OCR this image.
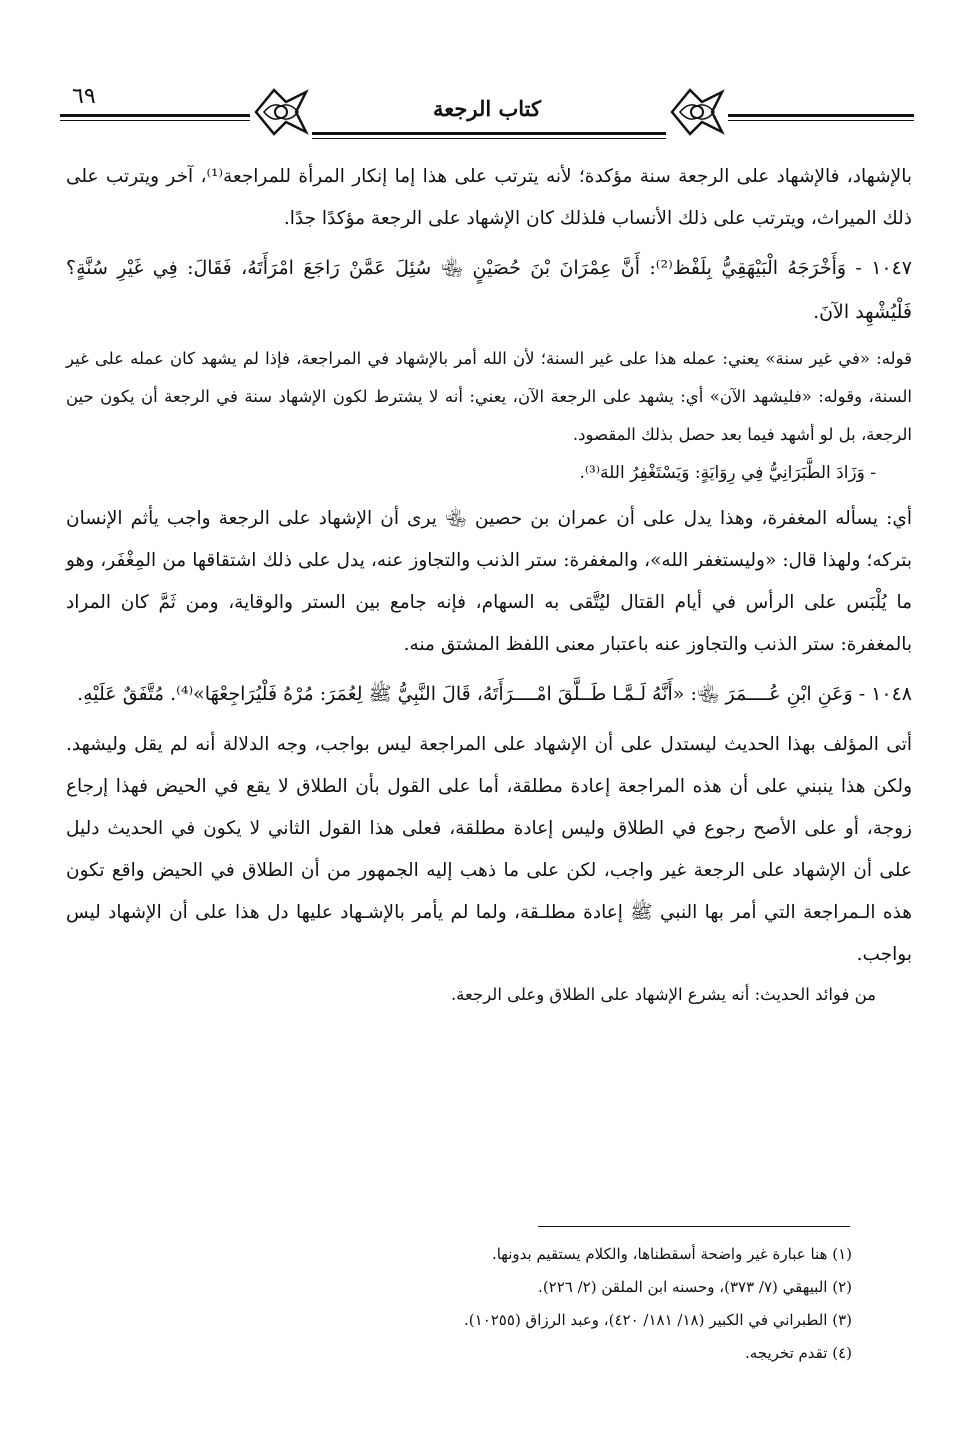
٦٩	كتاب الرجعة

بالإشهاد، فالإشهاد على الرجعة سنة مؤكدة؛ لأنه يترتب على هذا إما إنكار المرأة للمراجعة⁽¹⁾، آخر ويترتب على ذلك الميراث، ويترتب على ذلك الأنساب فلذلك كان الإشهاد على الرجعة مؤكدًا جدًا.

١٠٤٧ - وَأَخْرَجَهُ الْبَيْهَقِيُّ بِلَفْظ⁽²⁾: أَنَّ عِمْرَانَ بْنَ حُصَيْنٍ ﵄ سُئِلَ عَمَّنْ رَاجَعَ امْرَأَتَهُ، فَقَالَ: فِي غَيْرِ سُنَّةٍ؟ فَلْيُشْهِد الآنَ.

قوله: «في غير سنة» يعني: عمله هذا على غير السنة؛ لأن الله أمر بالإشهاد في المراجعة، فإذا لم يشهد كان عمله على غير السنة، وقوله: «فليشهد الآن» أي: يشهد على الرجعة الآن، يعني: أنه لا يشترط لكون الإشهاد سنة في الرجعة أن يكون حين الرجعة، بل لو أشهد فيما بعد حصل بذلك المقصود.

- وَزَادَ الطَّبَرَانِيُّ فِي رِوَايَةٍ: وَيَسْتَغْفِرُ اللهَ⁽³⁾.

أي: يسأله المغفرة، وهذا يدل على أن عمران بن حصين ﵄ يرى أن الإشهاد على الرجعة واجب يأثم الإنسان بتركه؛ ولهذا قال: «وليستغفر الله»، والمغفرة: ستر الذنب والتجاوز عنه، يدل على ذلك اشتقاقها من المِغْفَر، وهو ما يُلْبَس على الرأس في أيام القتال ليُتَّقى به السهام، فإنه جامع بين الستر والوقاية، ومن ثَمَّ كان المراد بالمغفرة: ستر الذنب والتجاوز عنه باعتبار معنى اللفظ المشتق منه.

١٠٤٨ - وَعَنِ ابْنِ عُــــمَرَ ﵄: «أَنَّهُ لَـمَّـا طَــلَّقَ امْــــرَأَتَهُ، قَالَ النَّبِيُّ ﷺ لِعُمَرَ: مُرْهُ فَلْيُرَاجِعْهَا»⁽⁴⁾. مُتَّفَقٌ عَلَيْهِ.

أتى المؤلف بهذا الحديث ليستدل على أن الإشهاد على المراجعة ليس بواجب، وجه الدلالة أنه لم يقل وليشهد. ولكن هذا ينبني على أن هذه المراجعة إعادة مطلقة، أما على القول بأن الطلاق لا يقع في الحيض فهذا إرجاع زوجة، أو على الأصح رجوع في الطلاق وليس إعادة مطلقة، فعلى هذا القول الثاني لا يكون في الحديث دليل على أن الإشهاد على الرجعة غير واجب، لكن على ما ذهب إليه الجمهور من أن الطلاق في الحيض واقع تكون هذه الـمراجعة التي أمر بها النبي ﷺ إعادة مطلـقة، ولما لم يأمر بالإشـهاد عليها دل هذا على أن الإشهاد ليس بواجب.

من فوائد الحديث: أنه يشرع الإشهاد على الطلاق وعلى الرجعة.

(١) هنا عبارة غير واضحة أسقطناها، والكلام يستقيم بدونها.

(٢) البيهقي (٧/ ٣٧٣)، وحسنه ابن الملقن (٢/ ٢٢٦).

(٣) الطبراني في الكبير (١٨/ ١٨١/ ٤٢٠)، وعبد الرزاق (١٠٢٥٥).

(٤) تقدم تخريجه.
